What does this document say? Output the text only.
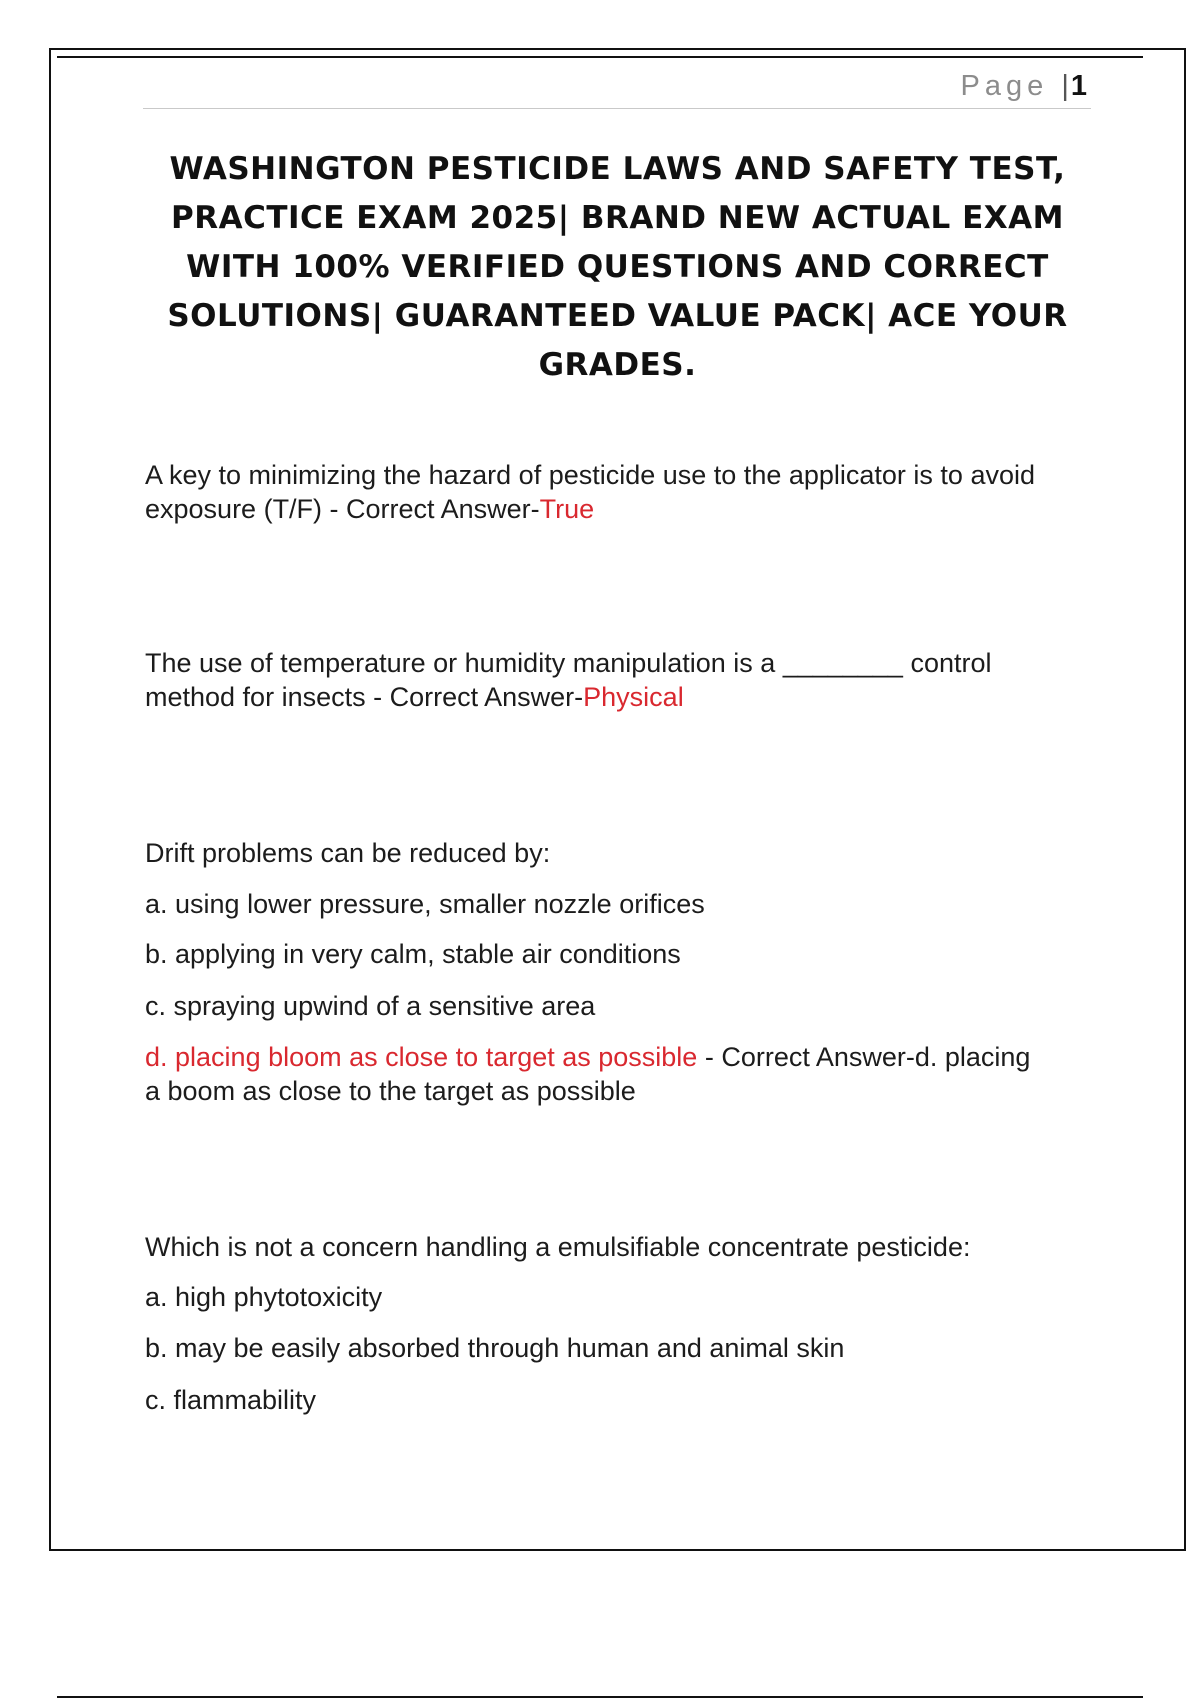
Page |1
WASHINGTON PESTICIDE LAWS AND SAFETY TEST,
PRACTICE EXAM 2025| BRAND NEW ACTUAL EXAM
WITH 100% VERIFIED QUESTIONS AND CORRECT
SOLUTIONS| GUARANTEED VALUE PACK| ACE YOUR
GRADES.
A key to minimizing the hazard of pesticide use to the applicator is to avoid
exposure (T/F) - Correct Answer-True
The use of temperature or humidity manipulation is a ________ control
method for insects - Correct Answer-Physical
Drift problems can be reduced by:
a. using lower pressure, smaller nozzle orifices
b. applying in very calm, stable air conditions
c. spraying upwind of a sensitive area
d. placing bloom as close to target as possible - Correct Answer-d. placing
a boom as close to the target as possible
Which is not a concern handling a emulsifiable concentrate pesticide:
a. high phytotoxicity
b. may be easily absorbed through human and animal skin
c. flammability
